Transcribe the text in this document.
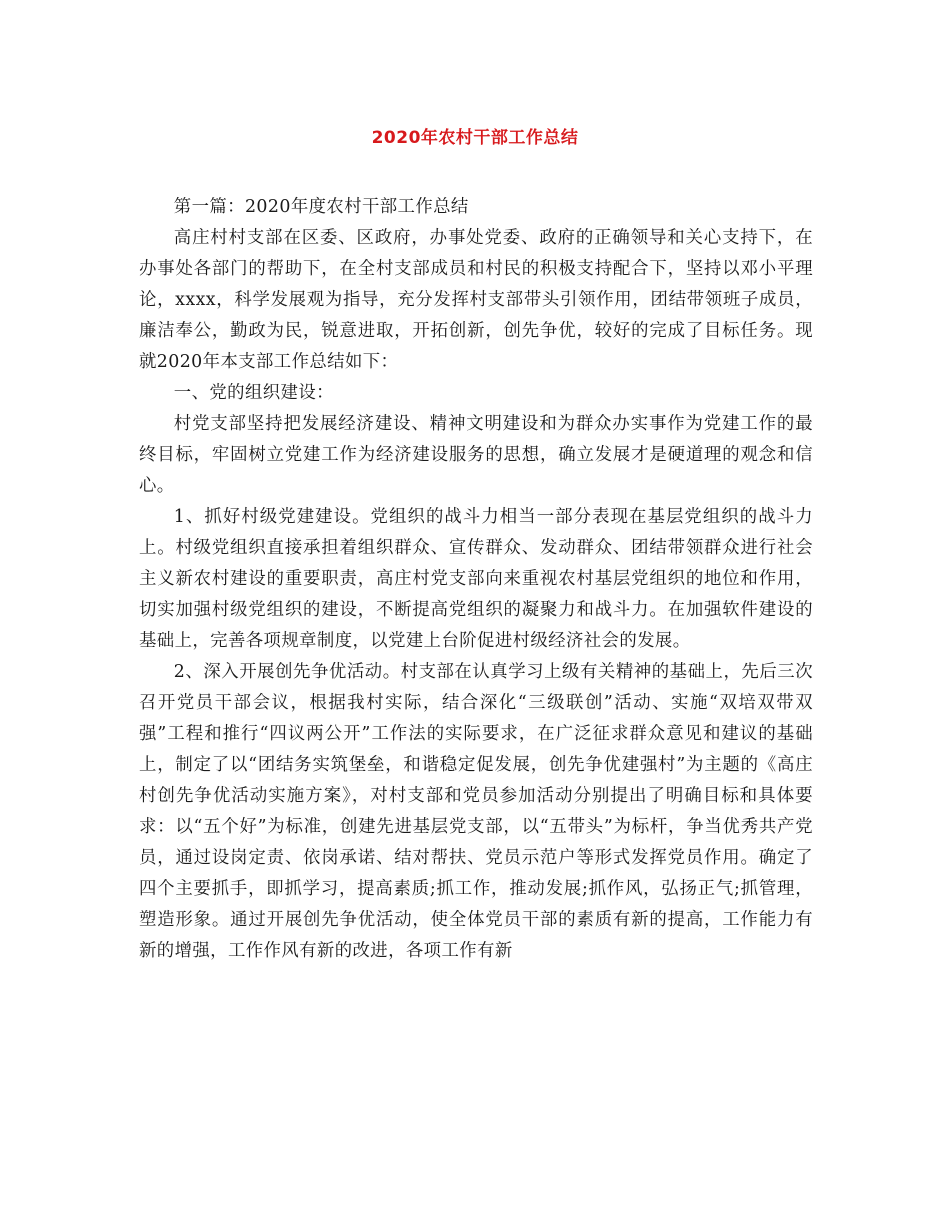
2020年农村干部工作总结

第一篇：2020年度农村干部工作总结

高庄村村支部在区委、区政府，办事处党委、政府的正确领导和关心支持下，在办事处各部门的帮助下，在全村支部成员和村民的积极支持配合下，坚持以邓小平理论，xxxx，科学发展观为指导，充分发挥村支部带头引领作用，团结带领班子成员，廉洁奉公，勤政为民，锐意进取，开拓创新，创先争优，较好的完成了目标任务。现就2020年本支部工作总结如下：

一、党的组织建设：

村党支部坚持把发展经济建设、精神文明建设和为群众办实事作为党建工作的最终目标，牢固树立党建工作为经济建设服务的思想，确立发展才是硬道理的观念和信心。

1、抓好村级党建建设。党组织的战斗力相当一部分表现在基层党组织的战斗力上。村级党组织直接承担着组织群众、宣传群众、发动群众、团结带领群众进行社会主义新农村建设的重要职责，高庄村党支部向来重视农村基层党组织的地位和作用，切实加强村级党组织的建设，不断提高党组织的凝聚力和战斗力。在加强软件建设的基础上，完善各项规章制度，以党建上台阶促进村级经济社会的发展。

2、深入开展创先争优活动。村支部在认真学习上级有关精神的基础上，先后三次召开党员干部会议，根据我村实际，结合深化“三级联创”活动、实施“双培双带双强”工程和推行“四议两公开”工作法的实际要求，在广泛征求群众意见和建议的基础上，制定了以“团结务实筑堡垒，和谐稳定促发展，创先争优建强村”为主题的《高庄村创先争优活动实施方案》，对村支部和党员参加活动分别提出了明确目标和具体要求：以“五个好”为标准，创建先进基层党支部，以“五带头”为标杆，争当优秀共产党员，通过设岗定责、依岗承诺、结对帮扶、党员示范户等形式发挥党员作用。确定了四个主要抓手，即抓学习，提高素质;抓工作，推动发展;抓作风，弘扬正气;抓管理，塑造形象。通过开展创先争优活动，使全体党员干部的素质有新的提高，工作能力有新的增强，工作作风有新的改进，各项工作有新
